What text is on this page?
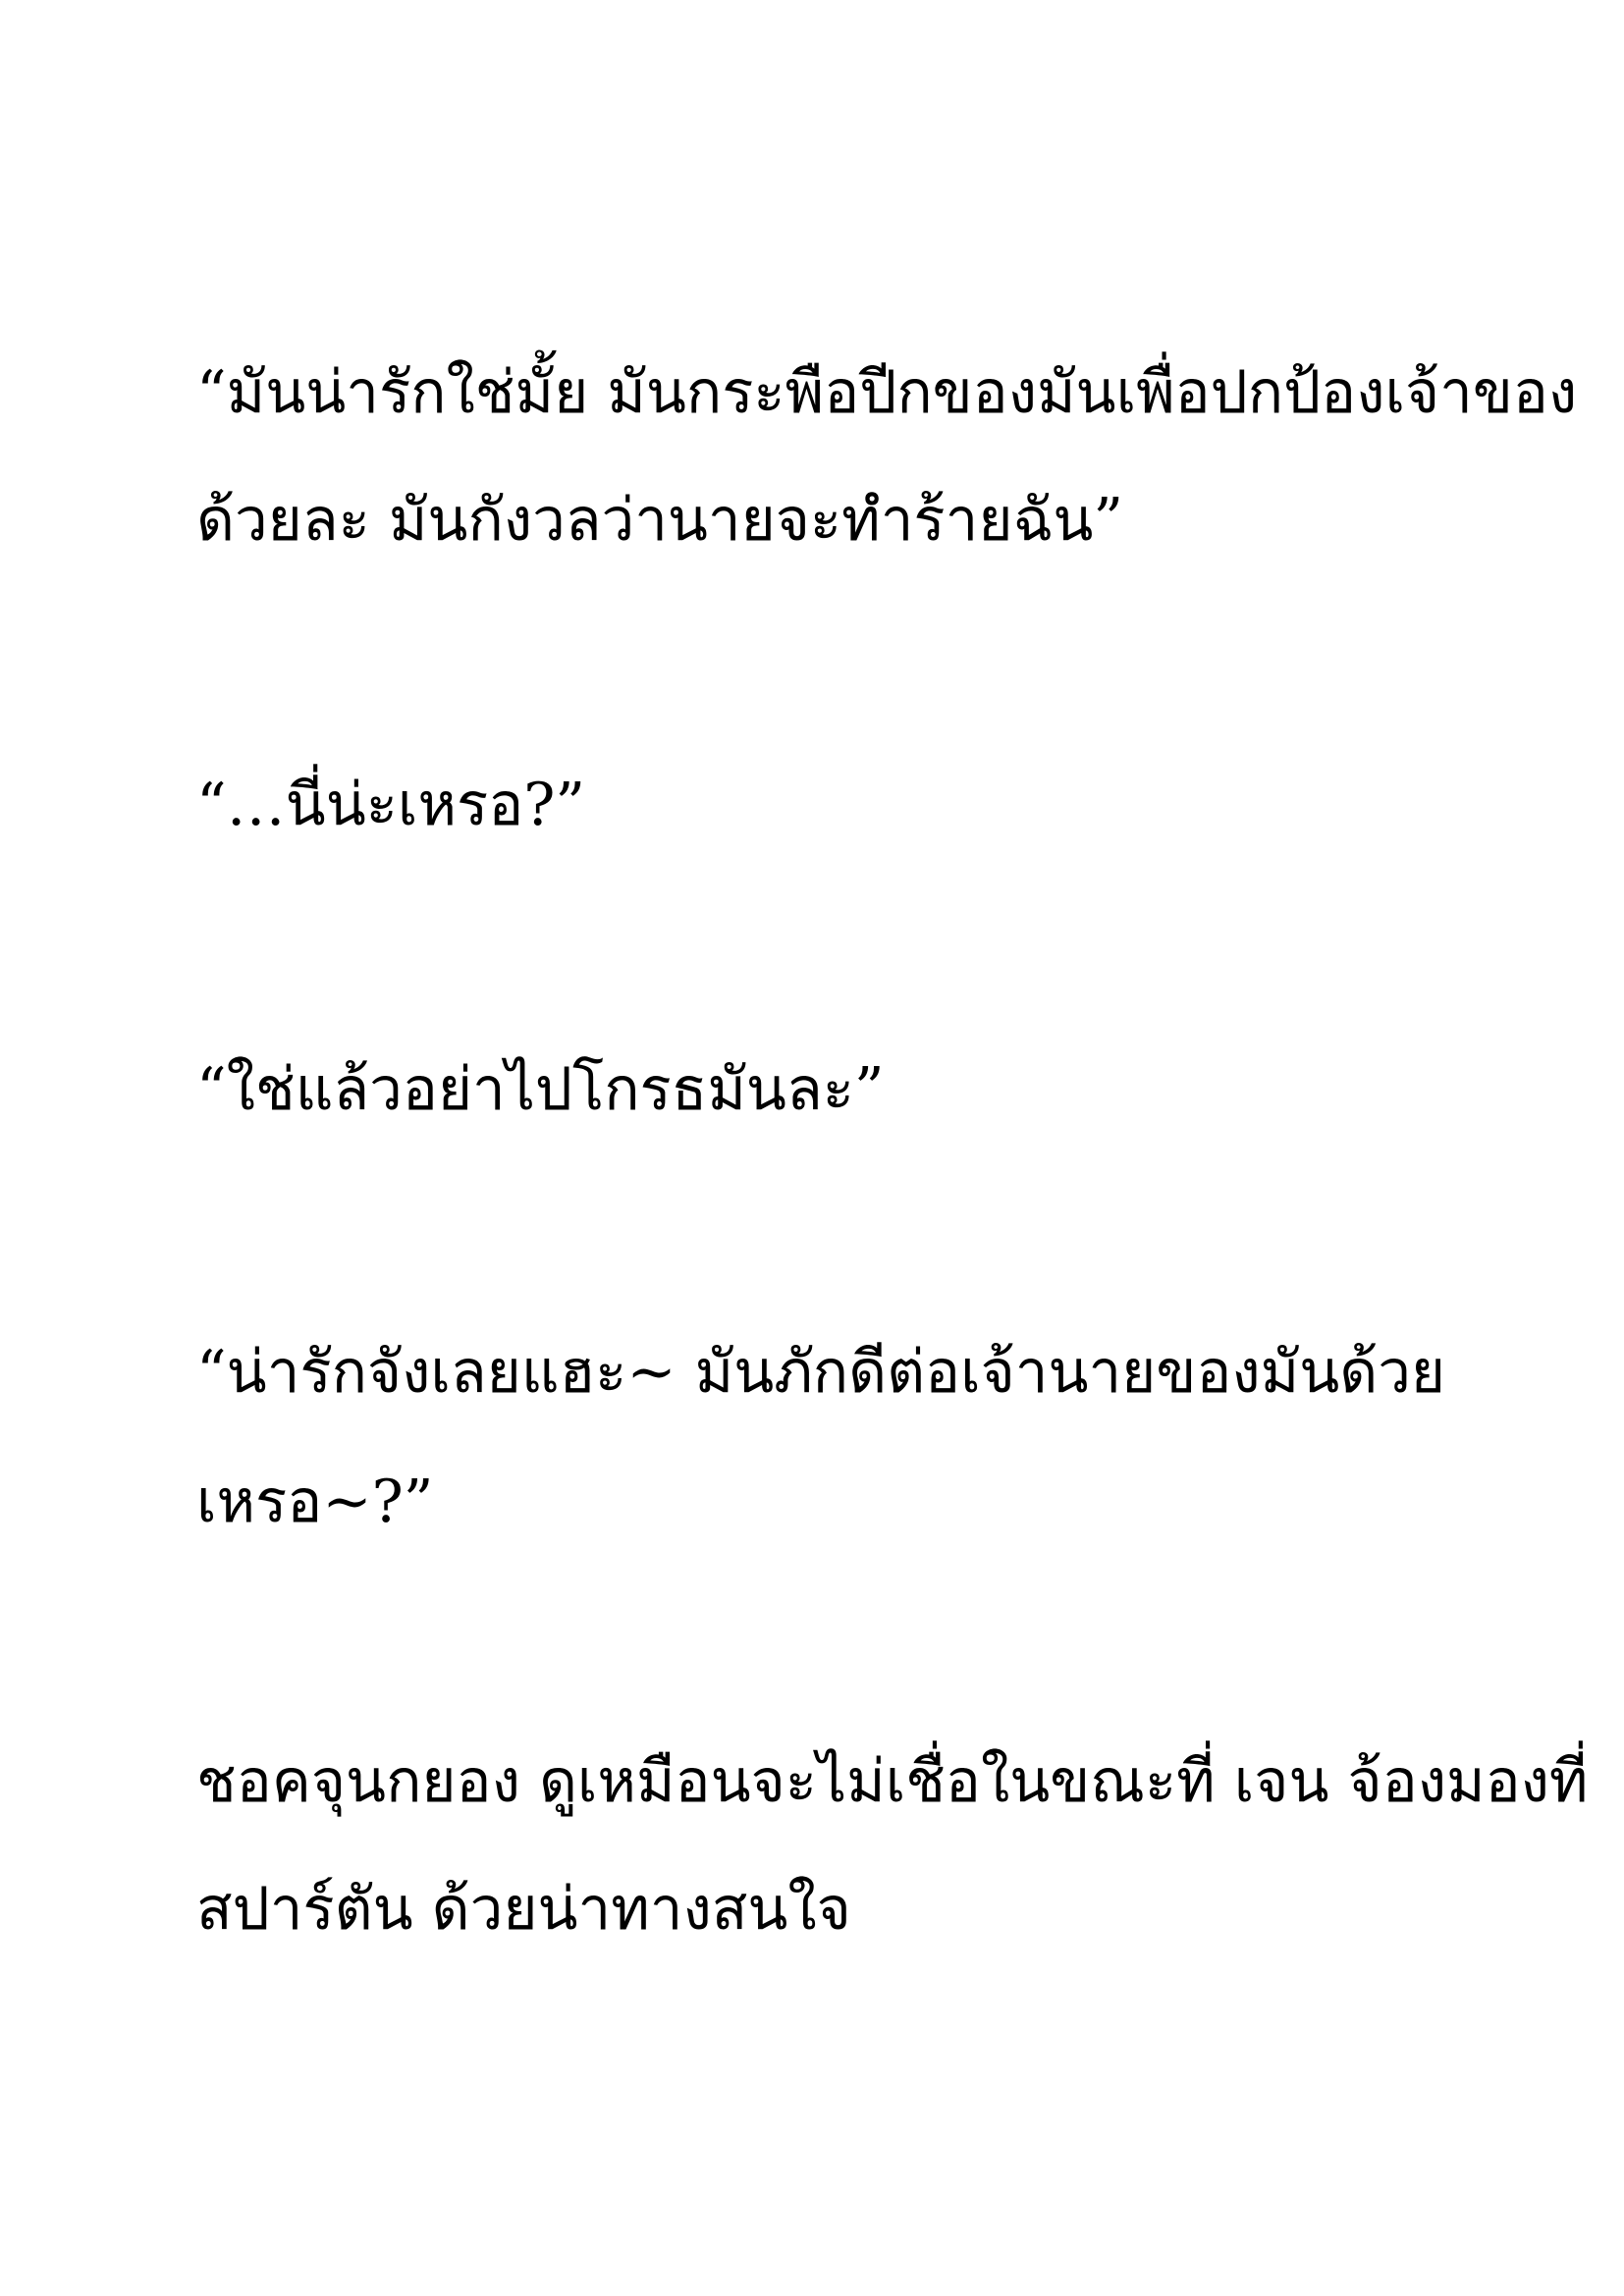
“มันน่ารักใช่มั้ย มันกระพือปีกของมันเพื่อปกป้องเจ้าของ

ด้วยละ มันกังวลว่านายจะทำร้ายฉัน”

“…นี่น่ะเหรอ?”

“ใช่แล้วอย่าไปโกรธมันละ”

“น่ารักจังเลยแฮะ~ มันภักดีต่อเจ้านายของมันด้วย

เหรอ~?”

ชอคจุนกยอง ดูเหมือนจะไม่เชื่อในขณะที่ เจน จ้องมองที่

สปาร์ตัน ด้วยน่าทางสนใจ
